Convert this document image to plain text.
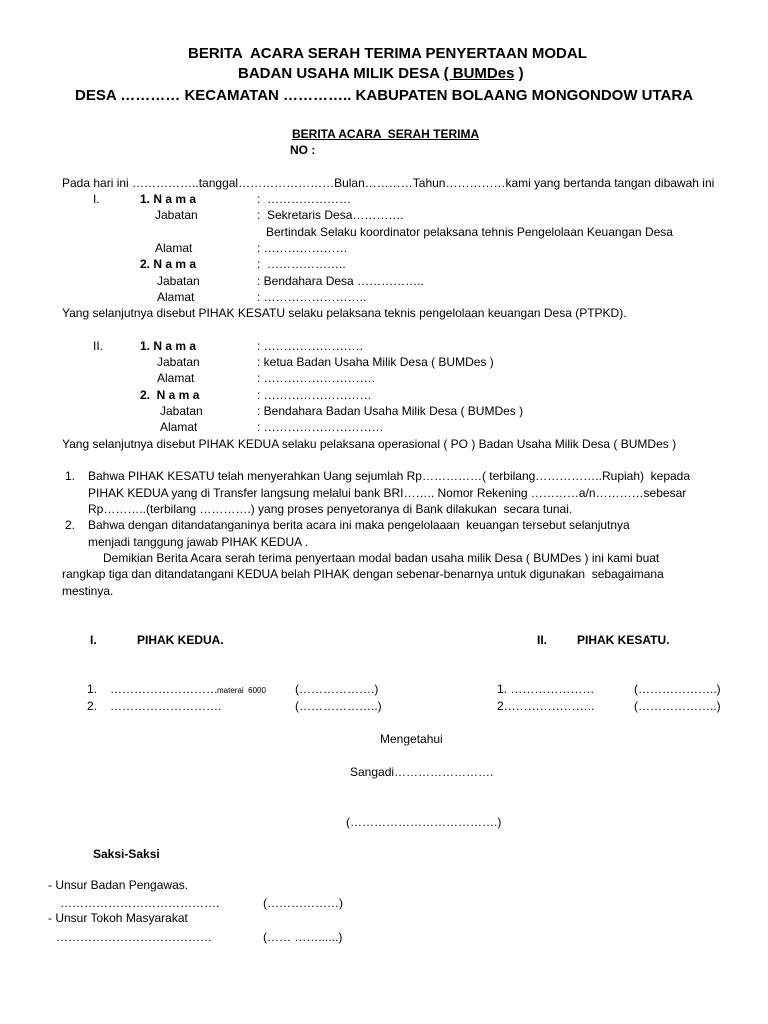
BERITA  ACARA SERAH TERIMA PENYERTAAN MODAL
BADAN USAHA MILIK DESA ( BUMDes )
DESA ………… KECAMATAN ………….. KABUPATEN BOLAANG MONGONDOW UTARA
BERITA ACARA  SERAH TERIMA
NO :
Pada hari ini ……………..tanggal……………………Bulan…………Tahun……………kami yang bertanda tangan dibawah ini
I.	1. N a m a	:  …………………
Jabatan	:  Sekretaris Desa………….
Bertindak Selaku koordinator pelaksana tehnis Pengelolaan Keuangan Desa
Alamat	: …………………
2. N a m a	:  ………………..
Jabatan	: Bendahara Desa ……………..
Alamat	: ……………………..
Yang selanjutnya disebut PIHAK KESATU selaku pelaksana teknis pengelolaan keuangan Desa (PTPKD).
II.	1. N a m a	: …………………….
Jabatan	: ketua Badan Usaha Milik Desa ( BUMDes )
Alamat	: ……………………….
2.  N a m a	: ………………………
Jabatan	: Bendahara Badan Usaha Milik Desa ( BUMDes )
Alamat	: …………………………
Yang selanjutnya disebut PIHAK KEDUA selaku pelaksana operasional ( PO ) Badan Usaha Milik Desa ( BUMDes )
1. Bahwa PIHAK KESATU telah menyerahkan Uang sejumlah Rp……………( terbilang……………..Rupiah)  kepada
PIHAK KEDUA yang di Transfer langsung melalui bank BRI…….. Nomor Rekening …………a/n…………sebesar
Rp………..(terbilang ………….) yang proses penyetoranya di Bank dilakukan  secara tunai.
2. Bahwa dengan ditandatanganinya berita acara ini maka pengelolaaan  keuangan tersebut selanjutnya
menjadi tanggung jawab PIHAK KEDUA .
Demikian Berita Acara serah terima penyertaan modal badan usaha milik Desa ( BUMDes ) ini kami buat
rangkap tiga dan ditandatangani KEDUA belah PIHAK dengan sebenar-benarnya untuk digunakan  sebagaimana
mestinya.
I.	PIHAK KEDUA.	II. PIHAK KESATU.
1. ……………………… materai  6000 (……………….)	1. …………………	(………………..)
2. ……………………….	(………………..)	2…………………..	(………………..)
Mengetahui
Sangadi…………………….
(……………………………….)
Saksi-Saksi
- Unsur Badan Pengawas.
………………………………….	(………………)
- Unsur Tokoh Masyarakat
…………………………………	(…… ……......)
